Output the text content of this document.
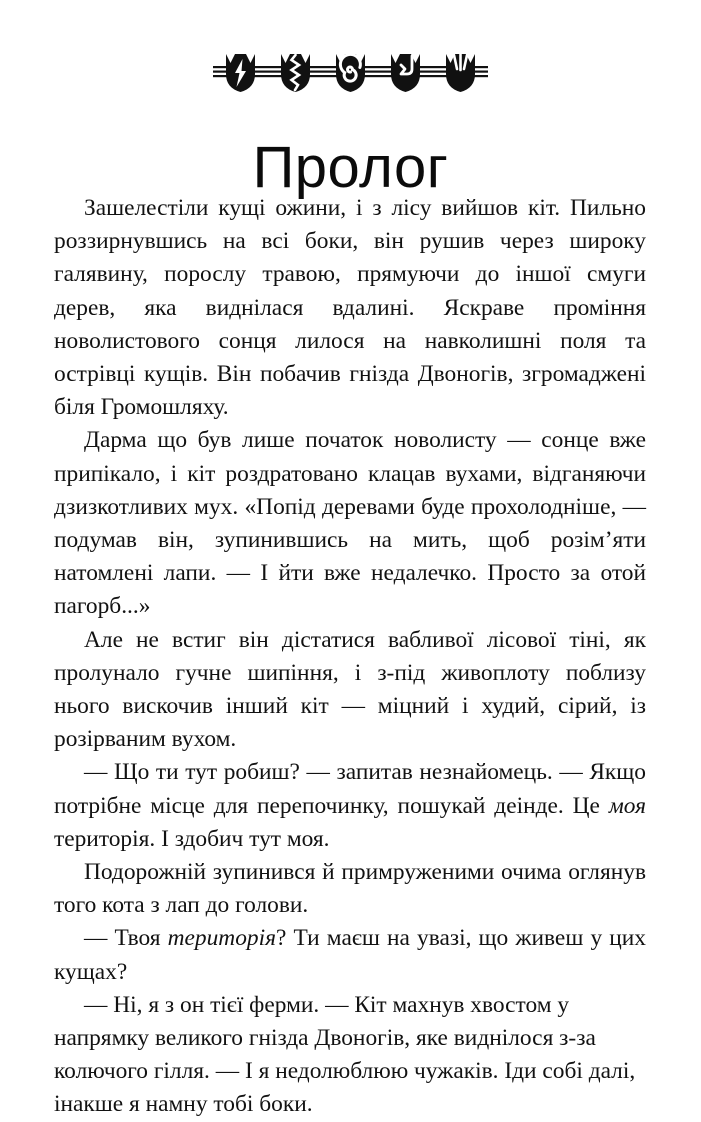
Пролог

Зашелестіли кущі ожини, і з лісу вийшов кіт. Пильно роззирнувшись на всі боки, він рушив через широку галявину, порослу травою, прямуючи до іншої смуги дерев, яка виднілася вдалині. Яскраве проміння новолистового сонця лилося на навколишні поля та острівці кущів. Він побачив гнізда Двоногів, згромаджені біля Громошляху.

Дарма що був лише початок новолисту — сонце вже припікало, і кіт роздратовано клацав вухами, відганяючи дзизкотливих мух. «Попід деревами буде прохолодніше, — подумав він, зупинившись на мить, щоб розім’яти натомлені лапи. — І йти вже недалечко. Просто за отой пагорб...»

Але не встиг він дістатися вабливої лісової тіні, як пролунало гучне шипіння, і з-під живоплоту поблизу нього вискочив інший кіт — міцний і худий, сірий, із розірваним вухом.

— Що ти тут робиш? — запитав незнайомець. — Якщо потрібне місце для перепочинку, пошукай деінде. Це моя територія. І здобич тут моя.

Подорожній зупинився й примруженими очима оглянув того кота з лап до голови.

— Твоя територія? Ти маєш на увазі, що живеш у цих кущах?

— Ні, я з он тієї ферми. — Кіт махнув хвостом у напрямку великого гнізда Двоногів, яке виднілося з-за колючого гілля. — І я недолюблюю чужаків. Іди собі далі, інакше я намну тобі боки.
